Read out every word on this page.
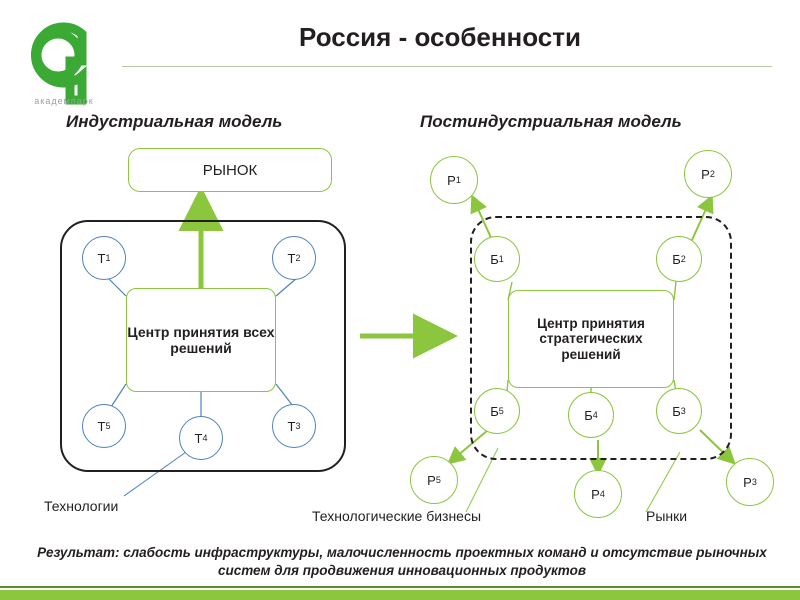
академпарк
Россия - особенности
Индустриальная модель	Постиндустриальная модель
РЫНОК
Т 1	Т 2
Т 3
Т 4
Т 5
Центр принятия всех решений
Технологии
Р 1	Р 2
Р 3
Р 4
Р 5
Б 1	Б 2
Б 3
Б 4
Б 5
Центр принятия стратегических решений
Технологические бизнесы	Рынки
Результат: слабость инфраструктуры, малочисленность проектных команд и отсутствие рыночных систем для продвижения инновационных продуктов
